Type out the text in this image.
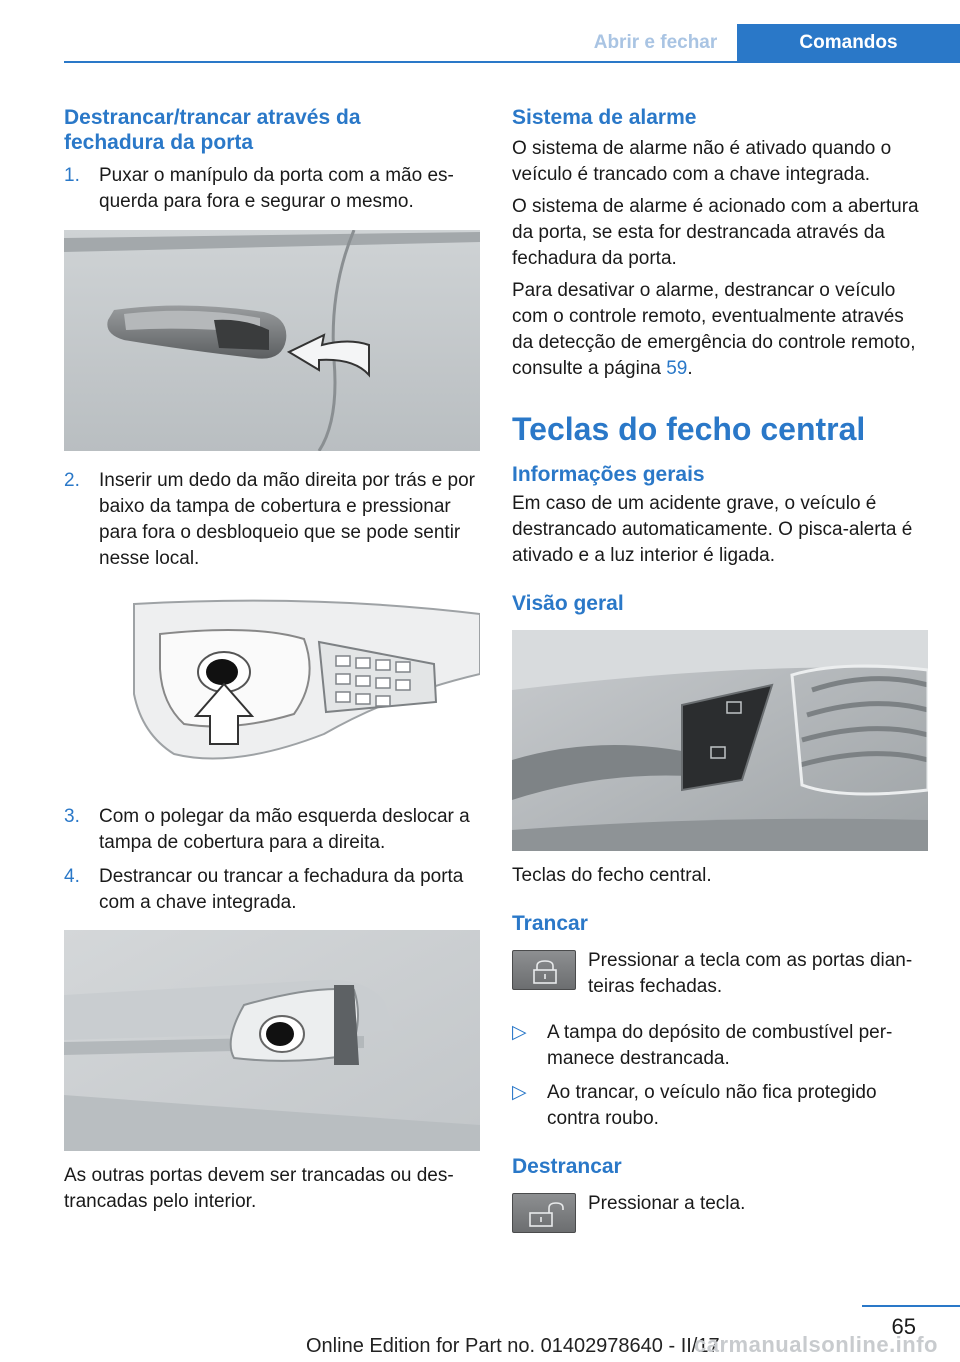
Abrir e fechar	Comandos
Destrancar/trancar através da fechadura da porta
1. Puxar o manípulo da porta com a mão esquerda para fora e segurar o mesmo.
2. Inserir um dedo da mão direita por trás e por baixo da tampa de cobertura e pressionar para fora o desbloqueio que se pode sentir nesse local.
3. Com o polegar da mão esquerda deslocar a tampa de cobertura para a direita.
4. Destrancar ou trancar a fechadura da porta com a chave integrada.
As outras portas devem ser trancadas ou destrancadas pelo interior.
Sistema de alarme
O sistema de alarme não é ativado quando o veículo é trancado com a chave integrada.
O sistema de alarme é acionado com a abertura da porta, se esta for destrancada através da fechadura da porta.
Para desativar o alarme, destrancar o veículo com o controle remoto, eventualmente através da detecção de emergência do controle remoto, consulte a página 59.
Teclas do fecho central
Informações gerais
Em caso de um acidente grave, o veículo é destrancado automaticamente. O pisca-alerta é ativado e a luz interior é ligada.
Visão geral
Teclas do fecho central.
Trancar
Pressionar a tecla com as portas dianteiras fechadas.
▷ A tampa do depósito de combustível permanece destrancada.
▷ Ao trancar, o veículo não fica protegido contra roubo.
Destrancar
Pressionar a tecla.
65
Online Edition for Part no. 01402978640 - II/17
carmanualsonline.info
